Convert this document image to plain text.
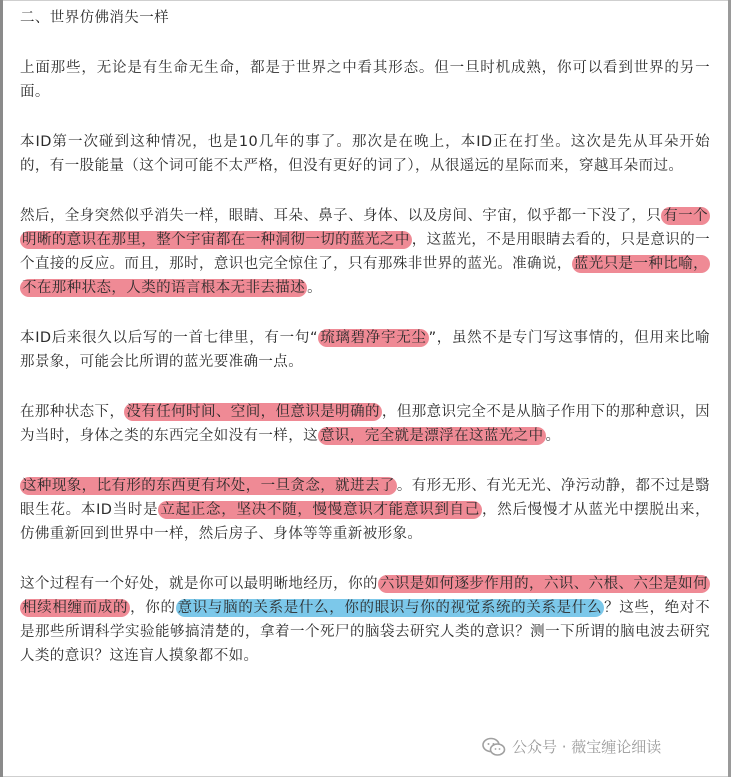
二、世界仿佛消失一样

上面那些，无论是有生命无生命，都是于世界之中看其形态。但一旦时机成熟，你可以看到世界的另一面。

本ID第一次碰到这种情况，也是10几年的事了。那次是在晚上，本ID正在打坐。这次是先从耳朵开始的，有一股能量（这个词可能不太严格，但没有更好的词了），从很遥远的星际而来，穿越耳朵而过。

然后，全身突然似乎消失一样，眼睛、耳朵、鼻子、身体、以及房间、宇宙，似乎都一下没了，只 有一个明晰的意识在那里，整个宇宙都在一种洞彻一切的蓝光之中 ，这蓝光，不是用眼睛去看的，只是意识的一个直接的反应。而且，那时，意识也完全惊住了，只有那殊非世界的蓝光。准确说， 蓝光只是一种比喻，不在那种状态，人类的语言根本无非去描述 。

本ID后来很久以后写的一首七律里，有一句“ 琉璃碧净宇无尘 ”，虽然不是专门写这事情的，但用来比喻那景象，可能会比所谓的蓝光要准确一点。

在那种状态下， 没有任何时间、空间，但意识是明确的 ，但那意识完全不是从脑子作用下的那种意识，因为当时，身体之类的东西完全如没有一样，这 意识，完全就是漂浮在这蓝光之中 。

这种现象，比有形的东西更有坏处，一旦贪念，就进去了 。有形无形、有光无光、净污动静，都不过是翳眼生花。本ID当时是 立起正念，坚决不随，慢慢意识才能意识到自己 ，然后慢慢才从蓝光中摆脱出来，仿佛重新回到世界中一样，然后房子、身体等等重新被形象。

这个过程有一个好处，就是你可以最明晰地经历，你的 六识是如何逐步作用的，六识、六根、六尘是如何相续相缠而成的 ，你的 意识与脑的关系是什么，你的眼识与你的视觉系统的关系是什么 ？这些，绝对不是那些所谓科学实验能够搞清楚的，拿着一个死尸的脑袋去研究人类的意识？测一下所谓的脑电波去研究人类的意识？这连盲人摸象都不如。

公众号 · 薇宝缠论细读
